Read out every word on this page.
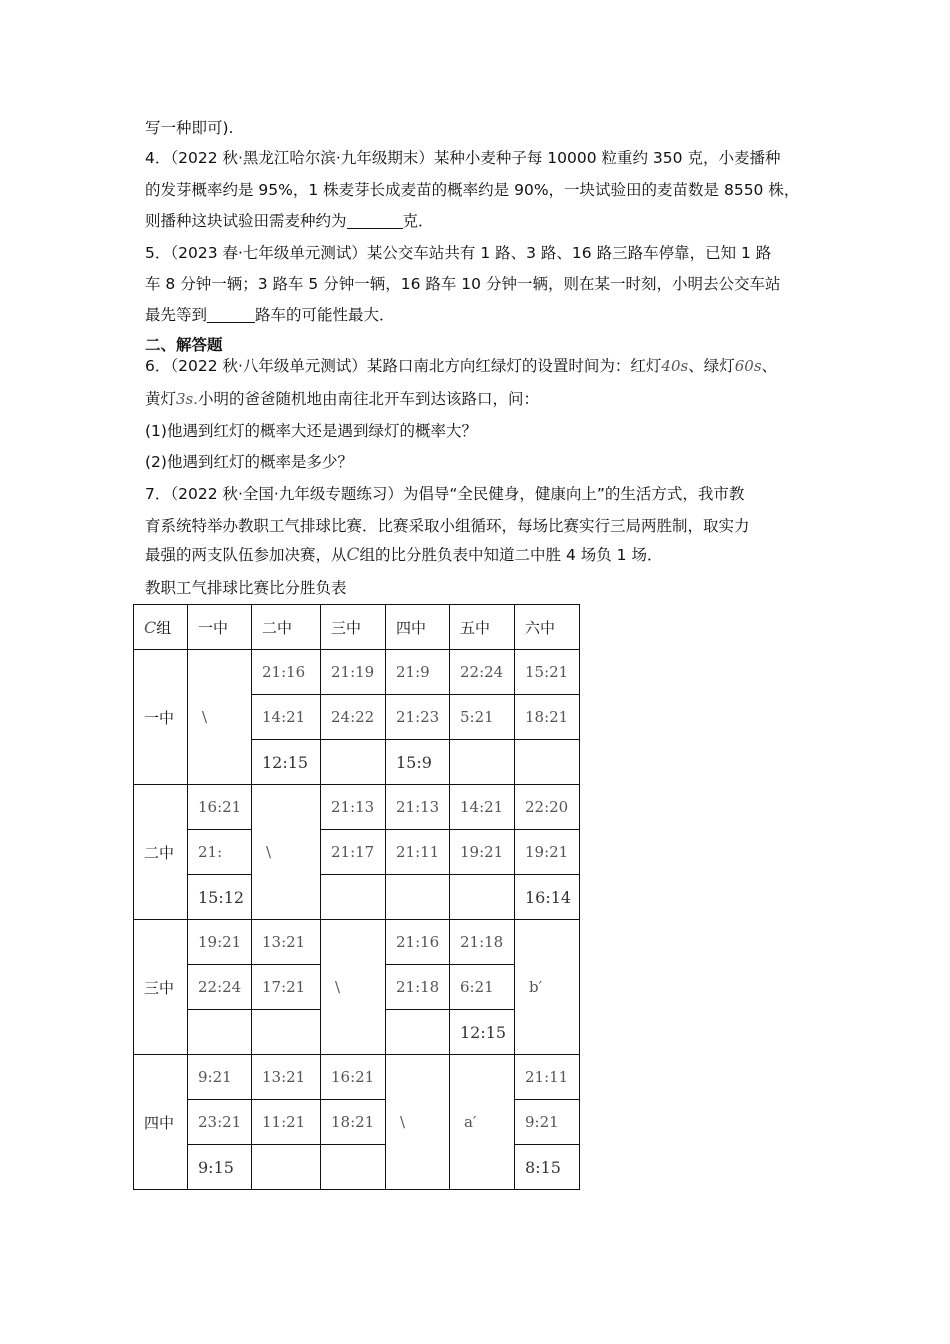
写一种即可).
4．（2022 秋·黑龙江哈尔滨·九年级期末）某种小麦种子每 10000 粒重约 350 克，小麦播种
的发芽概率约是 95%，1 株麦芽长成麦苗的概率约是 90%，一块试验田的麦苗数是 8550 株，
则播种这块试验田需麦种约为	克．
5．（2023 春·七年级单元测试）某公交车站共有 1 路、3 路、16 路三路车停靠，已知 1 路
车 8 分钟一辆；3 路车 5 分钟一辆，16 路车 10 分钟一辆，则在某一时刻，小明去公交车站
最先等到	路车的可能性最大．
二、解答题
6．（2022 秋·八年级单元测试）某路口南北方向红绿灯的设置时间为：红灯40s、绿灯60s、
黄灯3s.小明的爸爸随机地由南往北开车到达该路口，问：
(1)他遇到红灯的概率大还是遇到绿灯的概率大？
(2)他遇到红灯的概率是多少？
7．（2022 秋·全国·九年级专题练习）为倡导“全民健身，健康向上”的生活方式，我市教
育系统特举办教职工气排球比赛．比赛采取小组循环，每场比赛实行三局两胜制，取实力
最强的两支队伍参加决赛，从C组的比分胜负表中知道二中胜 4 场负 1 场．
教职工气排球比赛比分胜负表
C组	一中	二中	三中	四中	五中	六中
一中	\	21:16	21:19	21:9	22:24	15:21
		14:21	24:22	21:23	5:21	18:21
		12:15		15:9		
二中	16:21	\	21:13	21:13	14:21	22:20
	21:		21:17	21:11	19:21	19:21
	15:12					16:14
三中	19:21	13:21	\	21:16	21:18	b′
	22:24	17:21		21:18	6:21	
					12:15	
四中	9:21	13:21	16:21	\	a′	21:11
	23:21	11:21	18:21			9:21
	9:15					8:15
